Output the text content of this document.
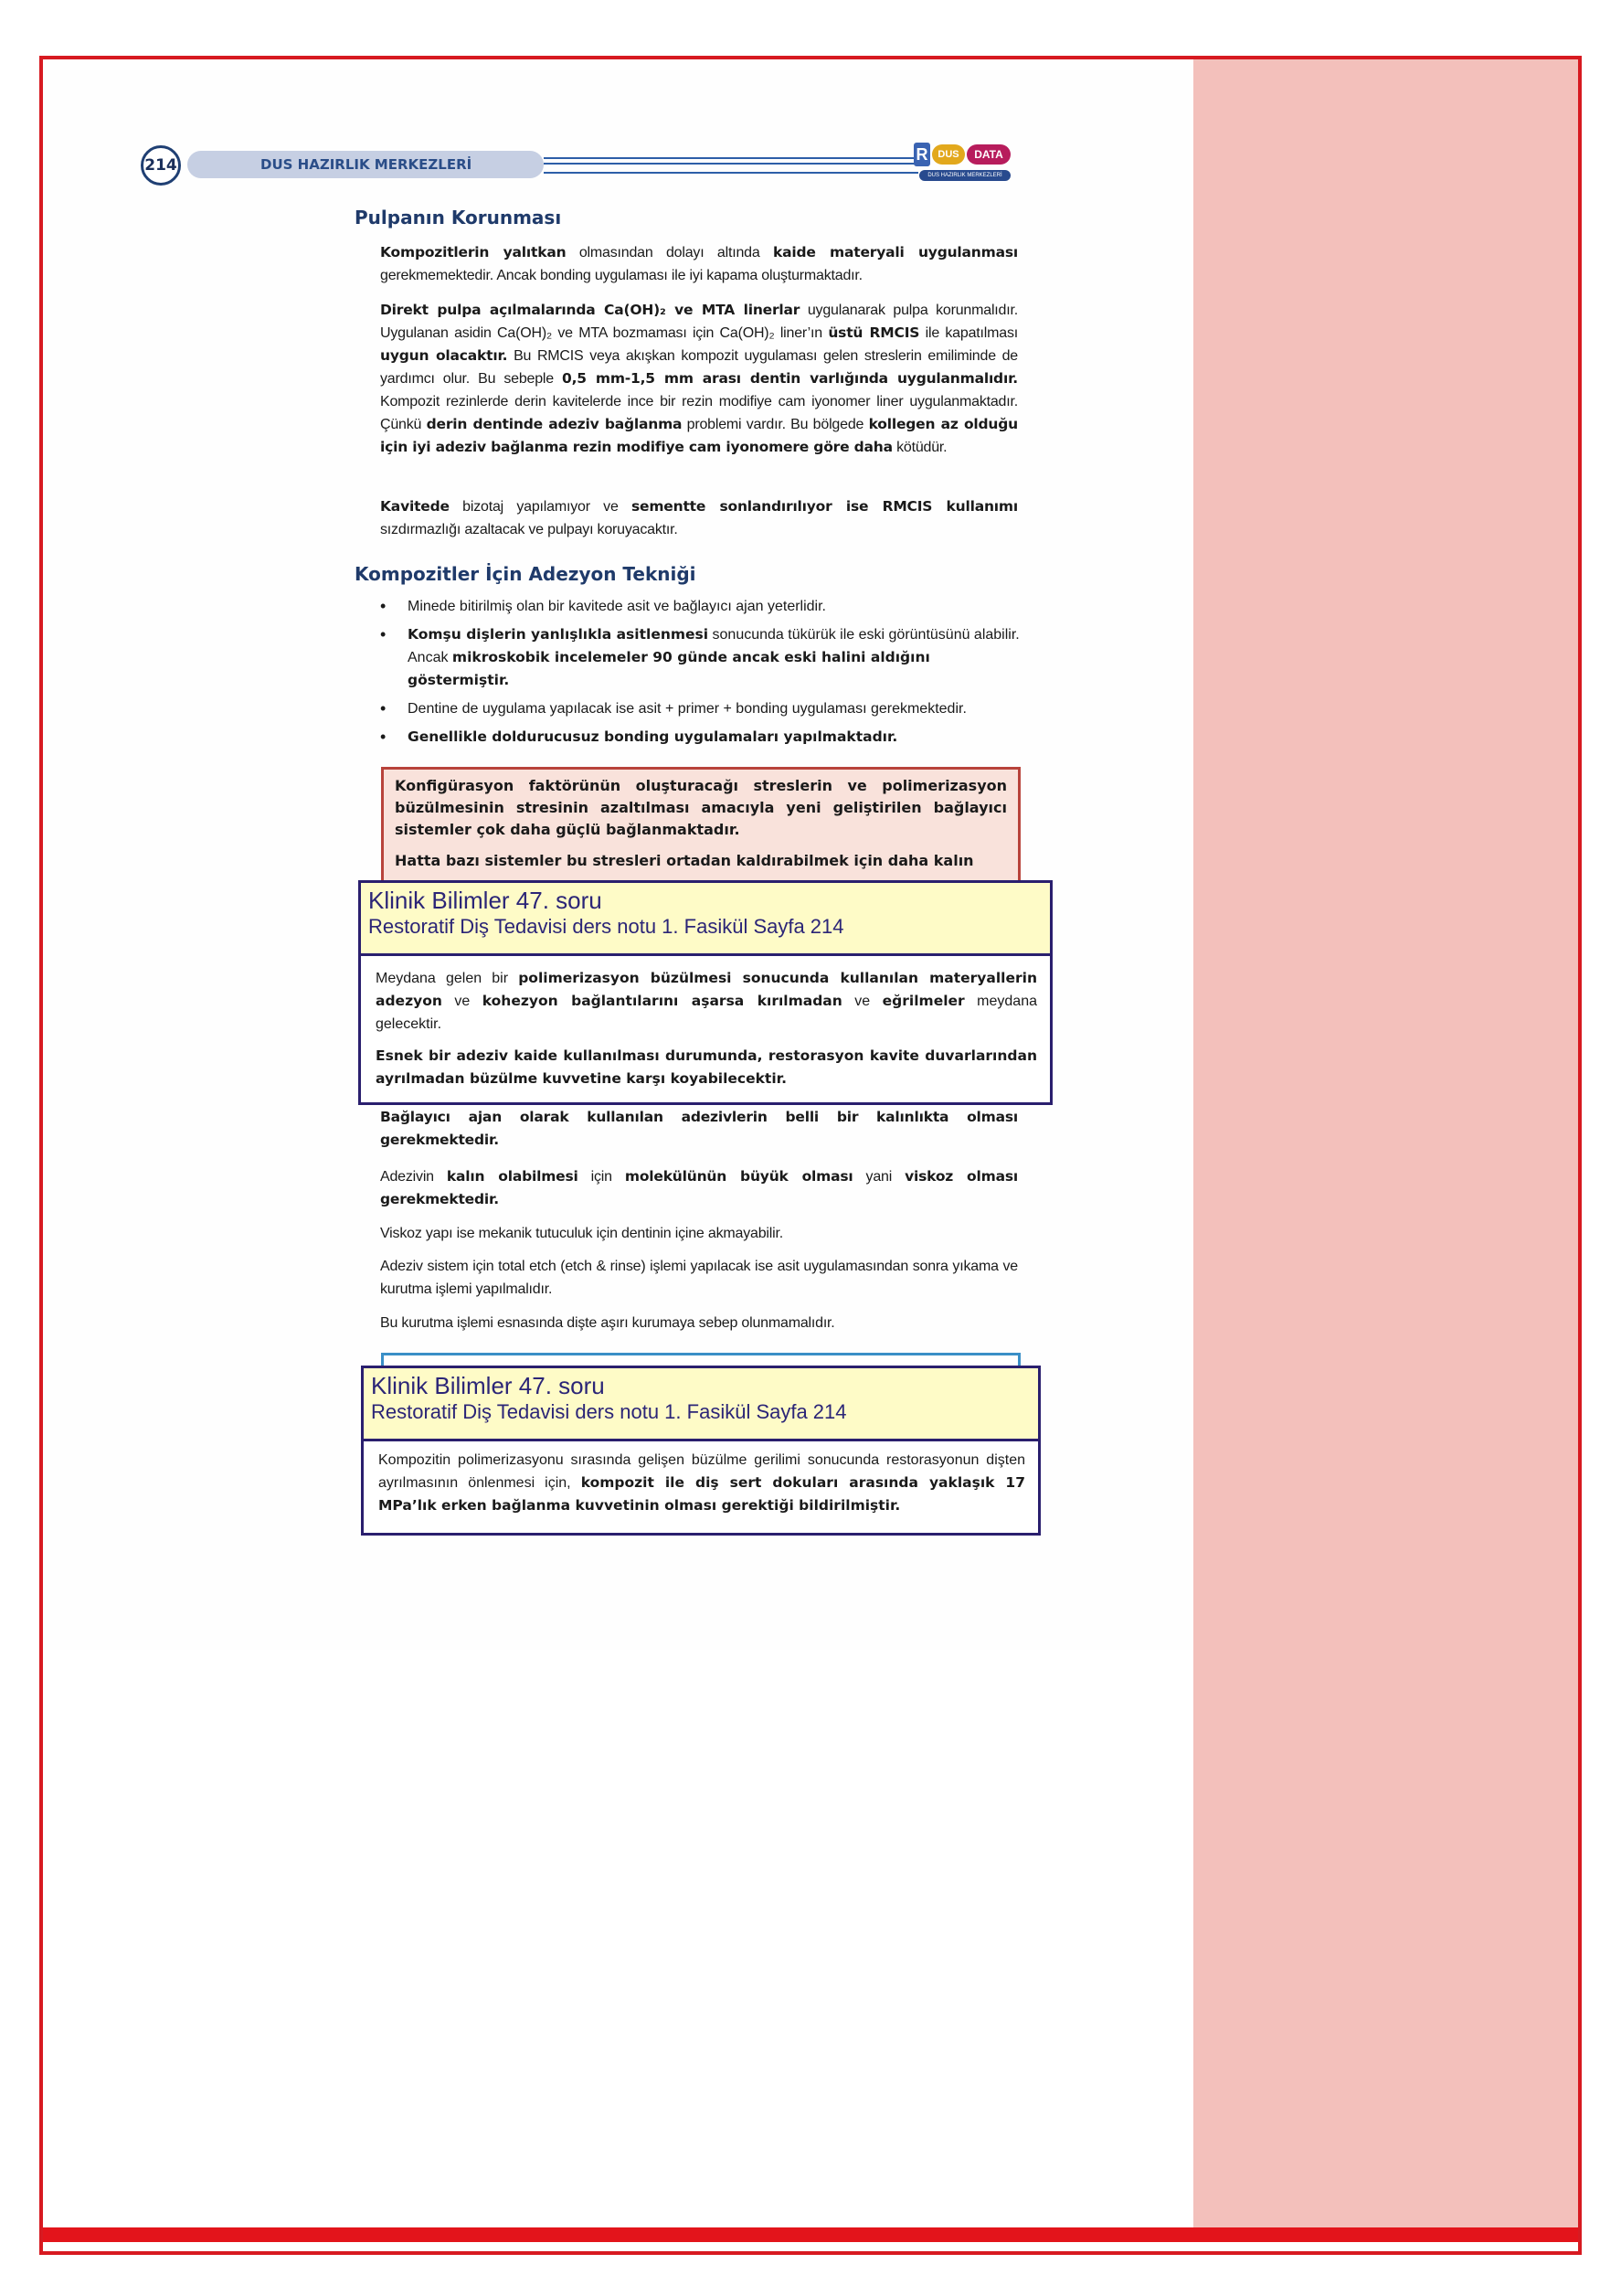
DUS HAZIRLIK MERKEZLERİ
214
R DUS	DATA
DUS HAZIRLIK MERKEZLERİ
Pulpanın Korunması
Kompozitlerin yalıtkan olmasından dolayı altında kaide materyali uygulanması gerekmemektedir. Ancak bonding uygulaması ile iyi kapama oluşturmaktadır.
Direkt pulpa açılmalarında Ca(OH)₂ ve MTA linerlar uygulanarak pulpa korunmalıdır. Uygulanan asidin Ca(OH)₂ ve MTA bozmaması için Ca(OH)₂ liner’ın üstü RMCIS ile kapatılması uygun olacaktır. Bu RMCIS veya akışkan kompozit uygulaması gelen streslerin emiliminde de yardımcı olur. Bu sebeple 0,5 mm-1,5 mm arası dentin varlığında uygulanmalıdır. Kompozit rezinlerde derin kavitelerde ince bir rezin modifiye cam iyonomer liner uygulanmaktadır. Çünkü derin dentinde adeziv bağlanma problemi vardır. Bu bölgede kollegen az olduğu için iyi adeziv bağlanma rezin modifiye cam iyonomere göre daha kötüdür.
Kavitede bizotaj yapılamıyor ve sementte sonlandırılıyor ise RMCIS kullanımı sızdırmazlığı azaltacak ve pulpayı koruyacaktır.
Kompozitler İçin Adezyon Tekniği
• Minede bitirilmiş olan bir kavitede asit ve bağlayıcı ajan yeterlidir.
• Komşu dişlerin yanlışlıkla asitlenmesi sonucunda tükürük ile eski görüntüsünü alabilir. Ancak mikroskobik incelemeler 90 günde ancak eski halini aldığını göstermiştir.
• Dentine de uygulama yapılacak ise asit + primer + bonding uygulaması gerekmektedir.
• Genellikle doldurucusuz bonding uygulamaları yapılmaktadır.

Konfigürasyon faktörünün oluşturacağı streslerin ve polimerizasyon büzülmesinin stresinin azaltılması amacıyla yeni geliştirilen bağlayıcı sistemler çok daha güçlü bağlanmaktadır.

Hatta bazı sistemler bu stresleri ortadan kaldırabilmek için daha kalın

Bağlayıcı ajan olarak kullanılan adezivlerin belli bir kalınlıkta olması gerekmektedir.
Adezivin kalın olabilmesi için molekülünün büyük olması yani viskoz olması gerekmektedir.
Viskoz yapı ise mekanik tutuculuk için dentinin içine akmayabilir.
Adeziv sistem için total etch (etch & rinse) işlemi yapılacak ise asit uygulamasından sonra yıkama ve kurutma işlemi yapılmalıdır.
Bu kurutma işlemi esnasında dişte aşırı kurumaya sebep olunmamalıdır.
Klinik Bilimler 47. soru
Restoratif Diş Tedavisi ders notu 1. Fasikül Sayfa 214

Meydana gelen bir polimerizasyon büzülmesi sonucunda kullanılan materyallerin adezyon ve kohezyon bağlantılarını aşarsa kırılmadan ve eğrilmeler meydana gelecektir.

Esnek bir adeziv kaide kullanılması durumunda, restorasyon kavite duvarlarından ayrılmadan büzülme kuvvetine karşı koyabilecektir.

Klinik Bilimler 47. soru
Restoratif Diş Tedavisi ders notu 1. Fasikül Sayfa 214

Kompozitin polimerizasyonu sırasında gelişen büzülme gerilimi sonucunda restorasyonun dişten ayrılmasının önlenmesi için, kompozit ile diş sert dokuları arasında yaklaşık 17 MPa’lık erken bağlanma kuvvetinin olması gerektiği bildirilmiştir.
